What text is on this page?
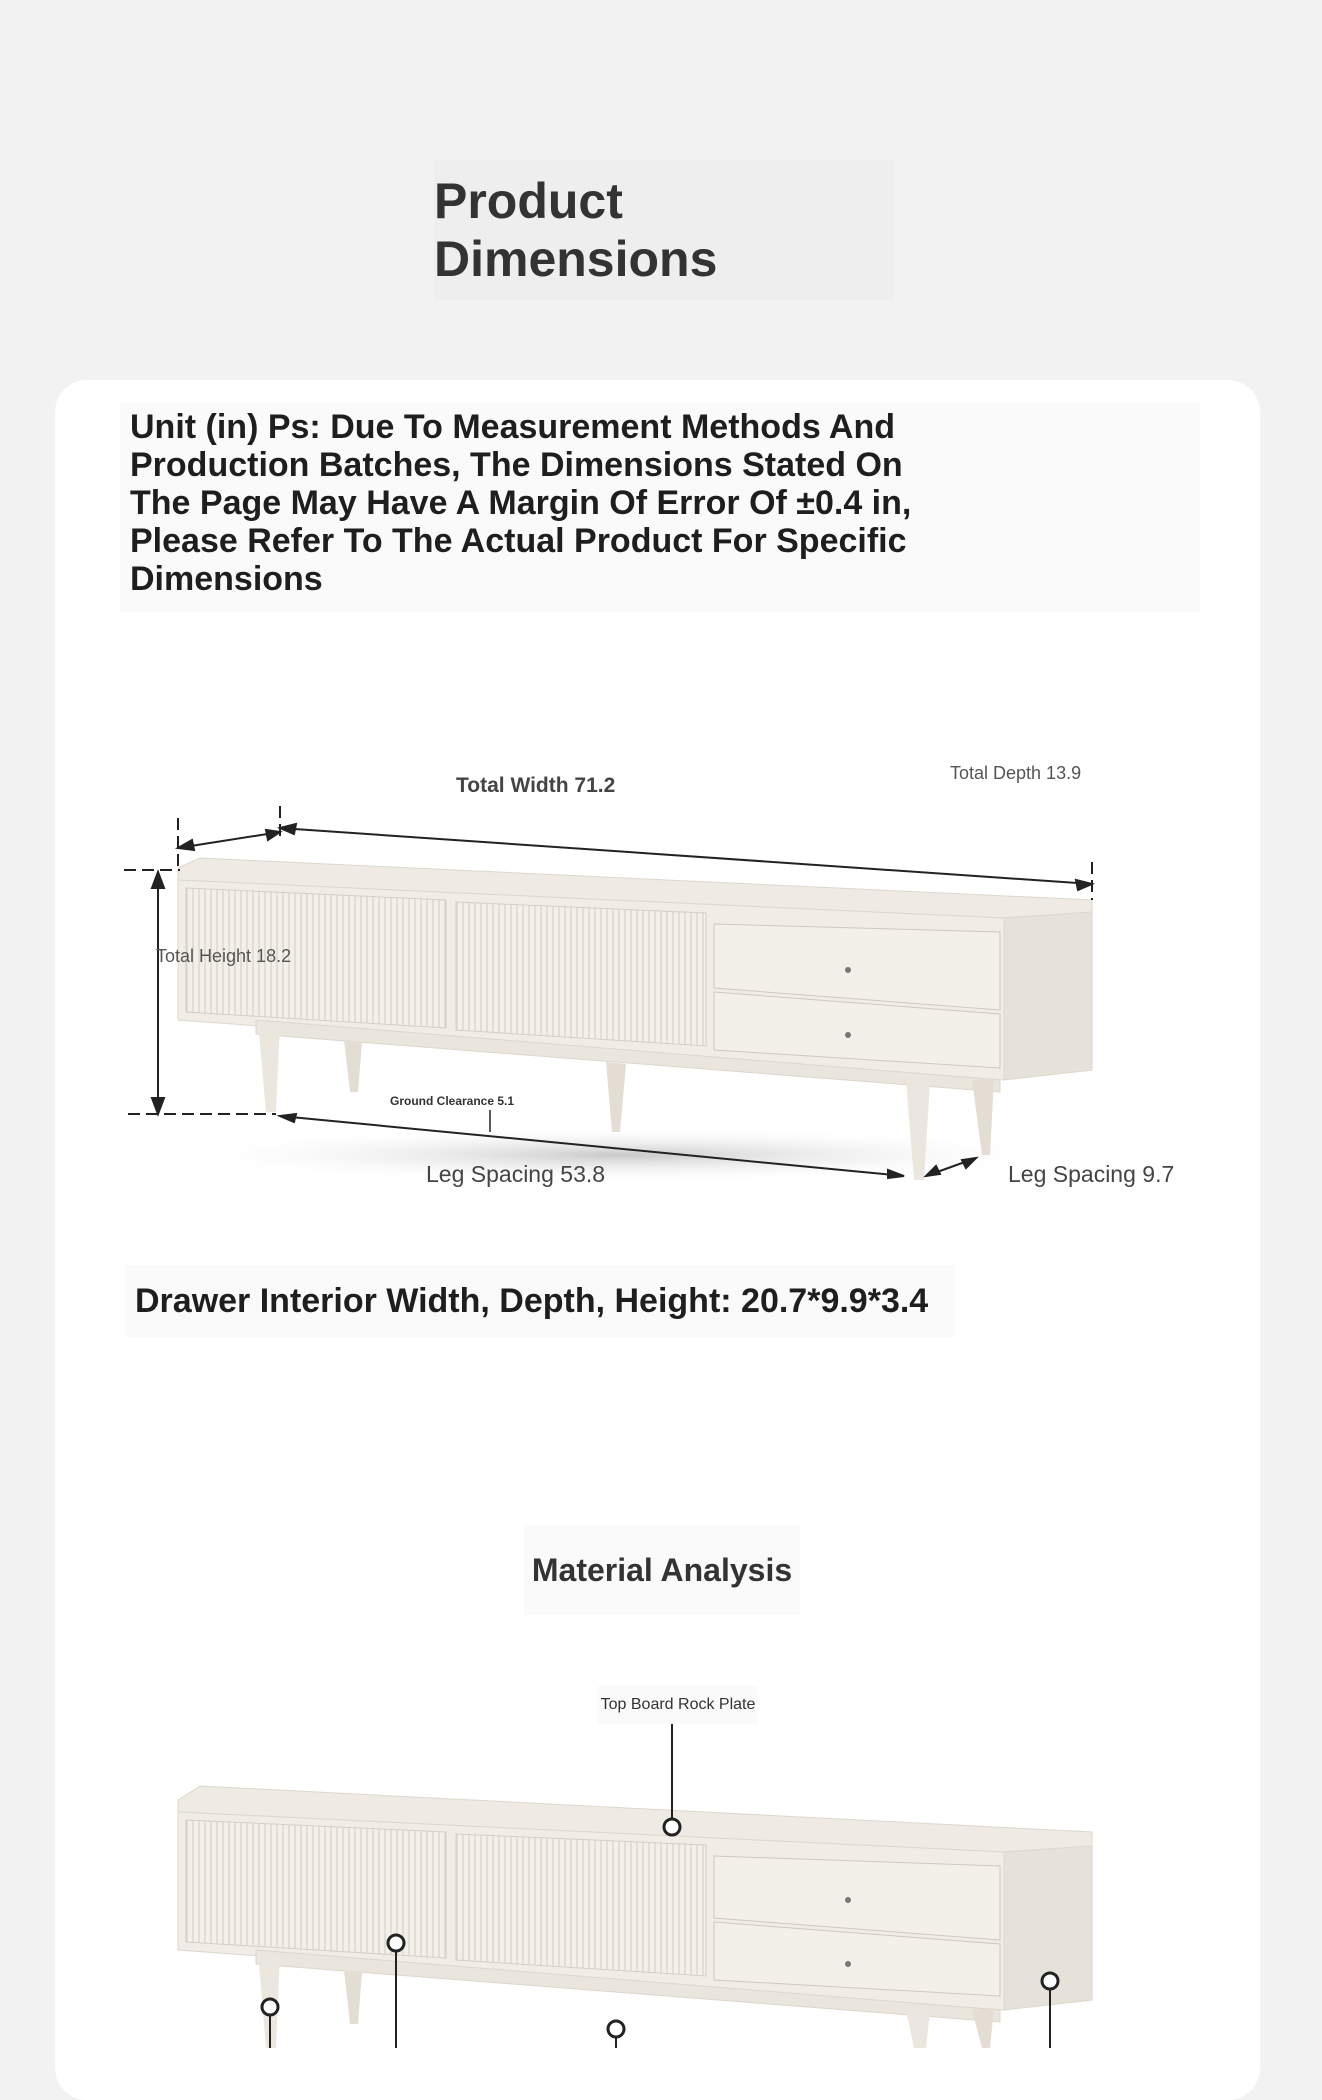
Product Dimensions
Unit (in) Ps: Due To Measurement Methods And Production Batches, The Dimensions Stated On The Page May Have A Margin Of Error Of ±0.4 in, Please Refer To The Actual Product For Specific Dimensions
Total Width 71.2
Total Depth 13.9
Total Height 18.2
Ground Clearance 5.1
Leg Spacing 53.8	Leg Spacing 9.7
Drawer Interior Width, Depth, Height: 20.7*9.9*3.4
Material Analysis
Top Board Rock Plate
